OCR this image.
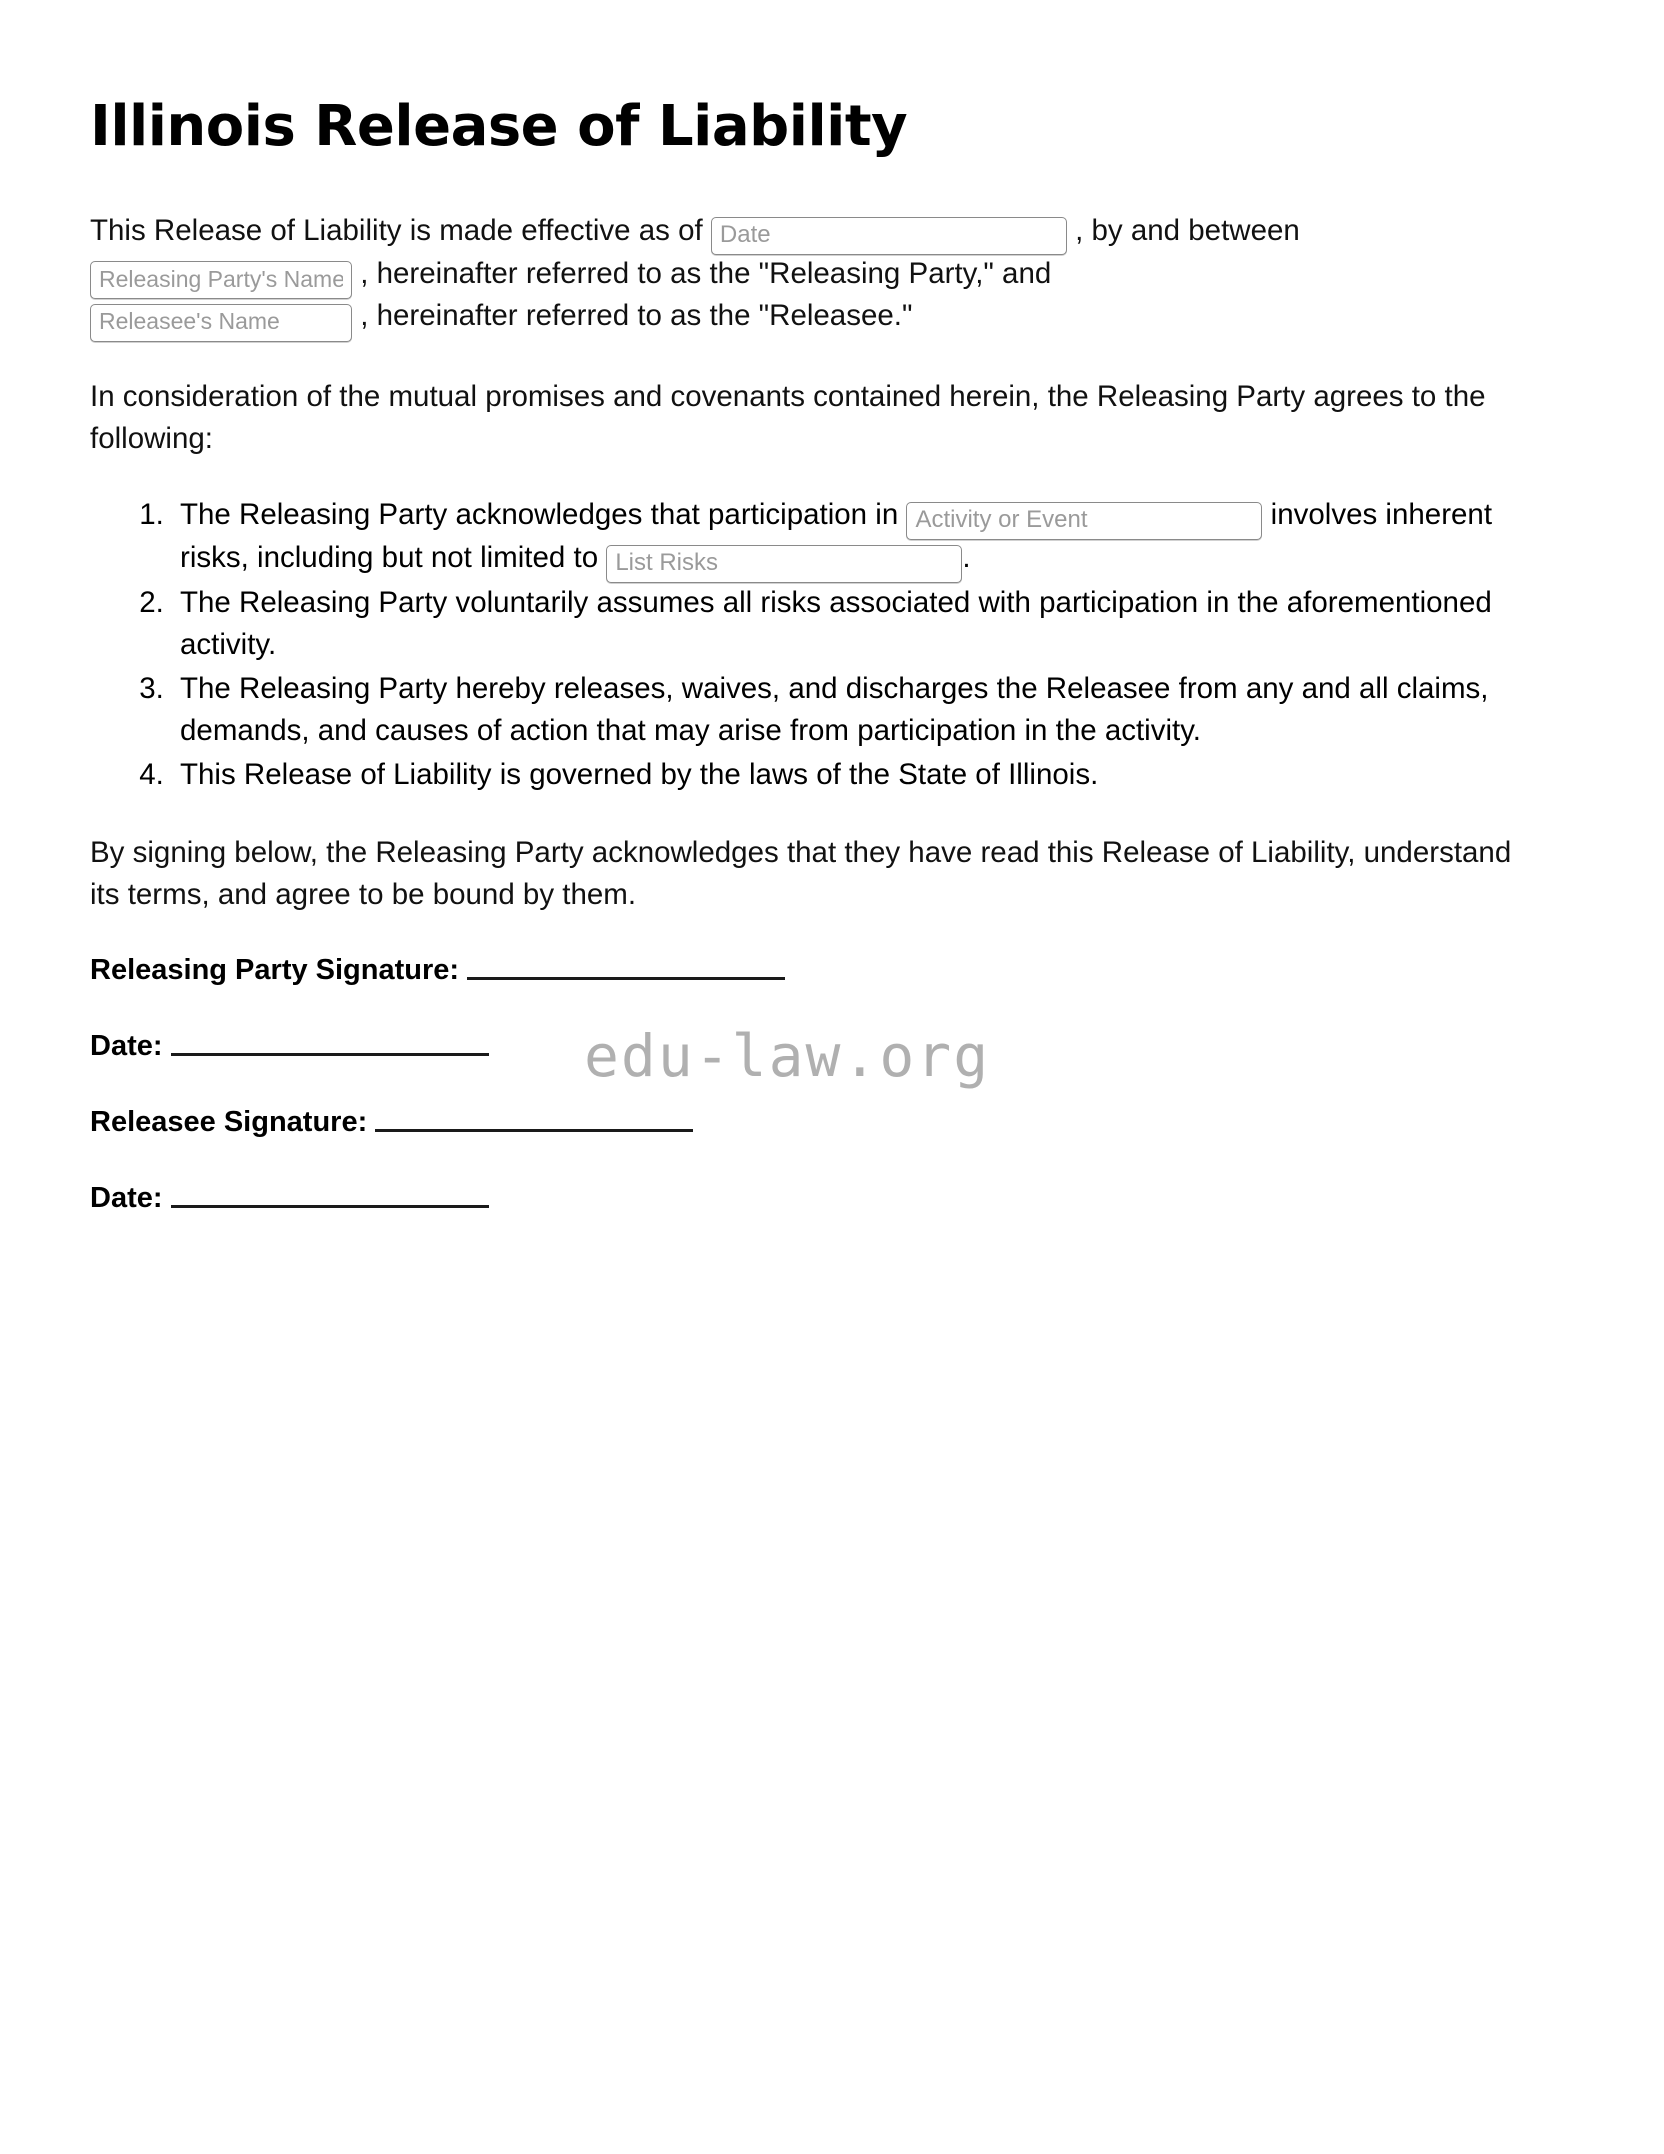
Illinois Release of Liability

This Release of Liability is made effective as of Date	, by and between
Releasing Party's Name , hereinafter referred to as the "Releasing Party," and
Releasee's Name , hereinafter referred to as the "Releasee."

In consideration of the mutual promises and covenants contained herein, the Releasing Party agrees to the following:

1. The Releasing Party acknowledges that participation in Activity or Event	involves inherent risks, including but not limited to List Risks	.
2. The Releasing Party voluntarily assumes all risks associated with participation in the aforementioned activity.
3. The Releasing Party hereby releases, waives, and discharges the Releasee from any and all claims, demands, and causes of action that may arise from participation in the activity.
4. This Release of Liability is governed by the laws of the State of Illinois.

By signing below, the Releasing Party acknowledges that they have read this Release of Liability, understand its terms, and agree to be bound by them.

Releasing Party Signature:
Date:
Releasee Signature:
Date:
edu-law.org
